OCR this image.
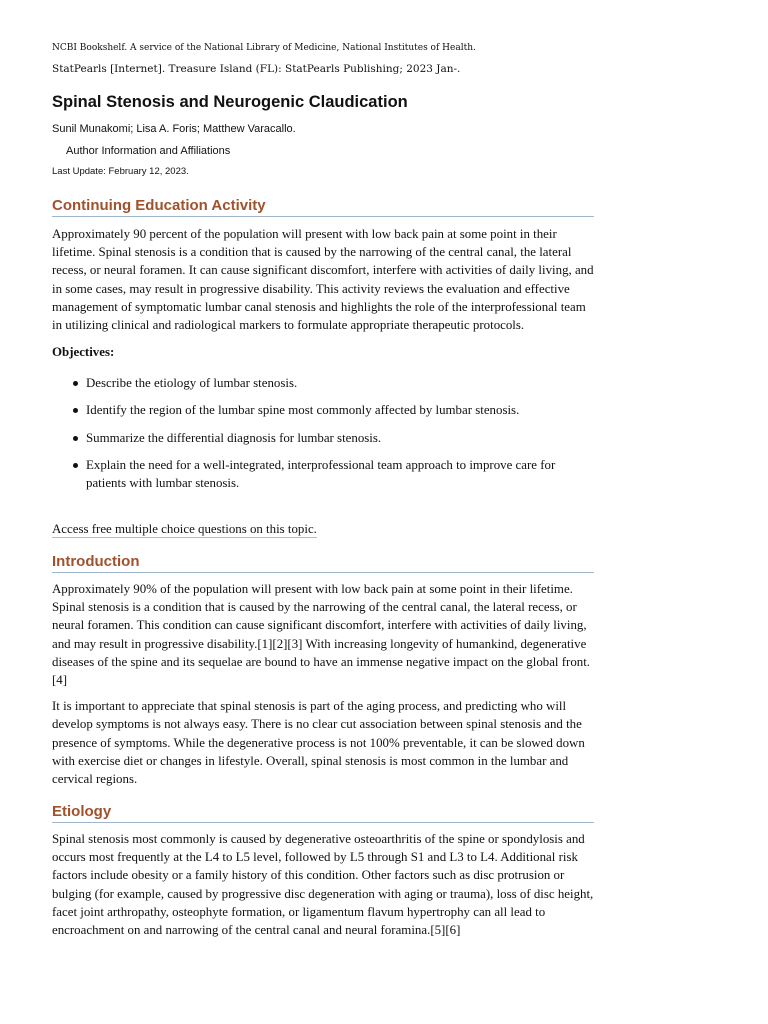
NCBI Bookshelf. A service of the National Library of Medicine, National Institutes of Health.
StatPearls [Internet]. Treasure Island (FL): StatPearls Publishing; 2023 Jan-.
Spinal Stenosis and Neurogenic Claudication
Sunil Munakomi; Lisa A. Foris; Matthew Varacallo.
Author Information and Affiliations
Last Update: February 12, 2023.
Continuing Education Activity

Approximately 90 percent of the population will present with low back pain at some point in their lifetime. Spinal stenosis is a condition that is caused by the narrowing of the central canal, the lateral recess, or neural foramen. It can cause significant discomfort, interfere with activities of daily living, and in some cases, may result in progressive disability. This activity reviews the evaluation and effective management of symptomatic lumbar canal stenosis and highlights the role of the interprofessional team in utilizing clinical and radiological markers to formulate appropriate therapeutic protocols.

Objectives:
Describe the etiology of lumbar stenosis.
Identify the region of the lumbar spine most commonly affected by lumbar stenosis.
Summarize the differential diagnosis for lumbar stenosis.
Explain the need for a well-integrated, interprofessional team approach to improve care for patients with lumbar stenosis.
Access free multiple choice questions on this topic.
Introduction

Approximately 90% of the population will present with low back pain at some point in their lifetime. Spinal stenosis is a condition that is caused by the narrowing of the central canal, the lateral recess, or neural foramen. This condition can cause significant discomfort, interfere with activities of daily living, and may result in progressive disability.[1][2][3] With increasing longevity of humankind, degenerative diseases of the spine and its sequelae are bound to have an immense negative impact on the global front.[4]

It is important to appreciate that spinal stenosis is part of the aging process, and predicting who will develop symptoms is not always easy. There is no clear cut association between spinal stenosis and the presence of symptoms. While the degenerative process is not 100% preventable, it can be slowed down with exercise diet or changes in lifestyle. Overall, spinal stenosis is most common in the lumbar and cervical regions.

Etiology

Spinal stenosis most commonly is caused by degenerative osteoarthritis of the spine or spondylosis and occurs most frequently at the L4 to L5 level, followed by L5 through S1 and L3 to L4. Additional risk factors include obesity or a family history of this condition. Other factors such as disc protrusion or bulging (for example, caused by progressive disc degeneration with aging or trauma), loss of disc height, facet joint arthropathy, osteophyte formation, or ligamentum flavum hypertrophy can all lead to encroachment on and narrowing of the central canal and neural foramina.[5][6]
